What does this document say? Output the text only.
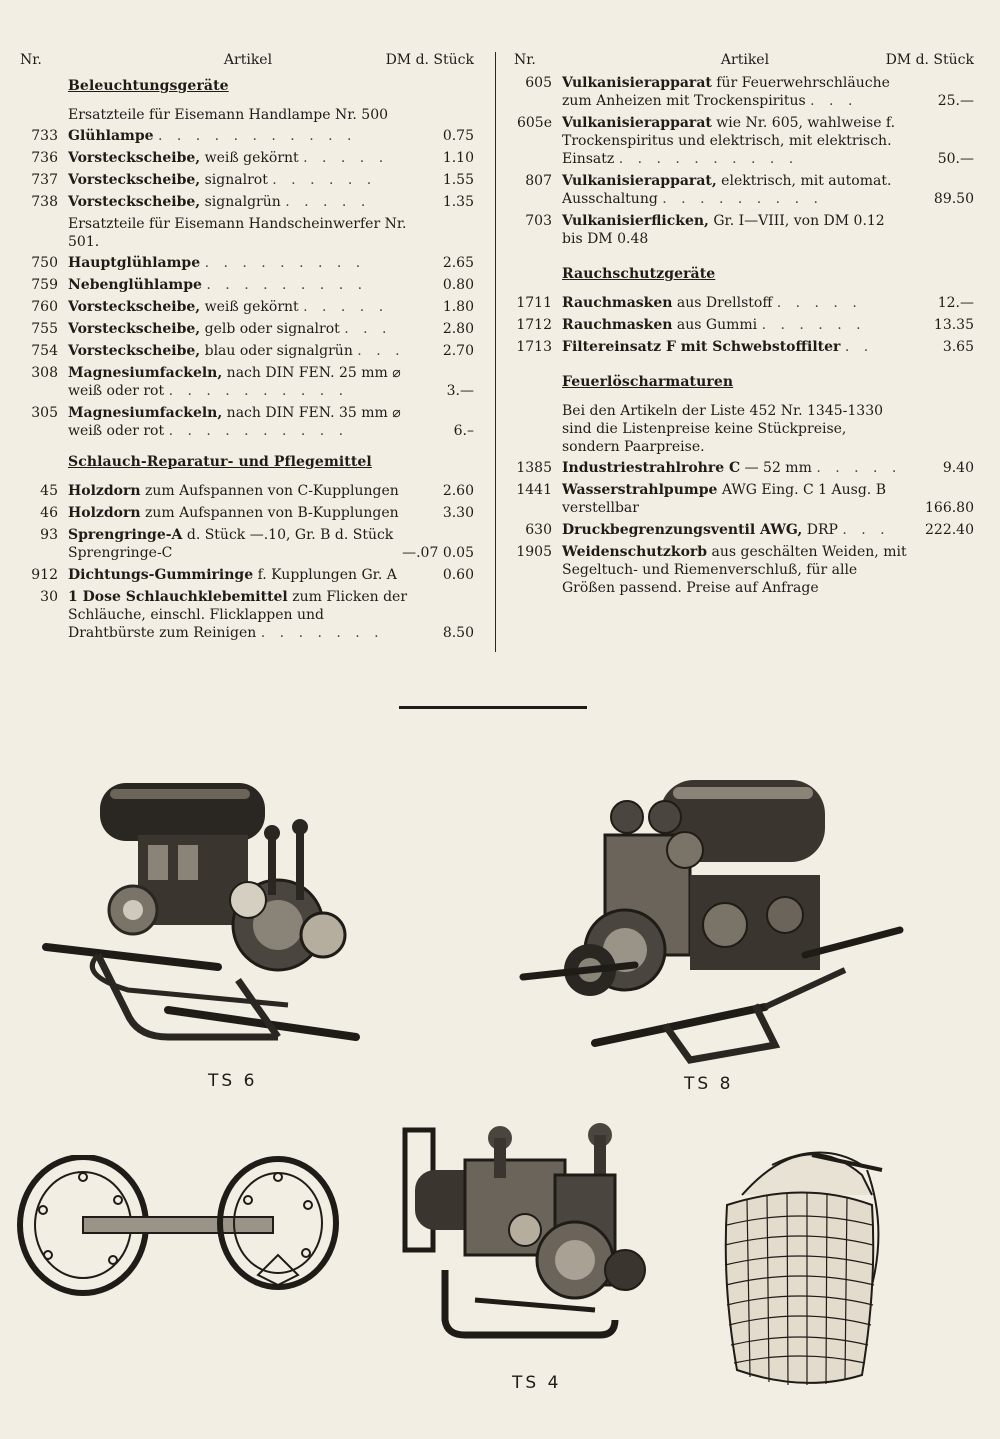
Nr.	Artikel	DM d. Stück
Beleuchtungsgeräte
Ersatzteile für Eisemann Handlampe Nr. 500
733 Glühlampe . . . . . . . . . . .	0.75
736 Vorsteckscheibe, weiß gekörnt . . . . .	1.10
737 Vorsteckscheibe, signalrot . . . . . .	1.55
738 Vorsteckscheibe, signalgrün . . . . .	1.35
Ersatzteile für Eisemann Handscheinwerfer Nr. 501.
750 Hauptglühlampe . . . . . . . . .	2.65
759 Nebenglühlampe . . . . . . . . .	0.80
760 Vorsteckscheibe, weiß gekörnt . . . . .	1.80
755 Vorsteckscheibe, gelb oder signalrot . . .	2.80
754 Vorsteckscheibe, blau oder signalgrün . . .	2.70
308 Magnesiumfackeln, nach DIN FEN. 25 mm ⌀ weiß oder rot . . . . . . . . . .	3.—
305 Magnesiumfackeln, nach DIN FEN. 35 mm ⌀ weiß oder rot . . . . . . . . . .	6.–
Schlauch-Reparatur- und Pflegemittel
45 Holzdorn zum Aufspannen von C-Kupplungen	2.60
46 Holzdorn zum Aufspannen von B-Kupplungen	3.30
93 Sprengringe-A d. Stück —.10, Gr. B d. Stück Sprengringe-C	—.07 0.05
912 Dichtungs-Gummiringe f. Kupplungen Gr. A	0.60
30 1 Dose Schlauchklebemittel zum Flicken der Schläuche, einschl. Flicklappen und Drahtbürste zum Reinigen . . . . . . .	8.50
Nr.	Artikel	DM d. Stück
605 Vulkanisierapparat für Feuerwehrschläuche zum Anheizen mit Trockenspiritus . . .	25.—
605e Vulkanisierapparat wie Nr. 605, wahlweise f. Trockenspiritus und elektrisch, mit elektrisch. Einsatz . . . . . . . . . .	50.—
807 Vulkanisierapparat, elektrisch, mit automat. Ausschaltung . . . . . . . . .	89.50
703 Vulkanisierflicken, Gr. I—VIII, von DM 0.12 bis DM 0.48
Rauchschutzgeräte
1711 Rauchmasken aus Drellstoff . . . . .	12.—
1712 Rauchmasken aus Gummi . . . . . .	13.35
1713 Filtereinsatz F mit Schwebstoffilter . .	3.65
Feuerlöscharmaturen
Bei den Artikeln der Liste 452 Nr. 1345-1330 sind die Listenpreise keine Stückpreise, sondern Paarpreise.
1385 Industriestrahlrohre C — 52 mm . . . . .	9.40
1441 Wasserstrahlpumpe AWG Eing. C 1 Ausg. B verstellbar	166.80
630 Druckbegrenzungsventil AWG, DRP . . .	222.40
1905 Weidenschutzkorb aus geschälten Weiden, mit Segeltuch- und Riemenverschluß, für alle Größen passend. Preise auf Anfrage
TS 6	TS 8
TS 4
